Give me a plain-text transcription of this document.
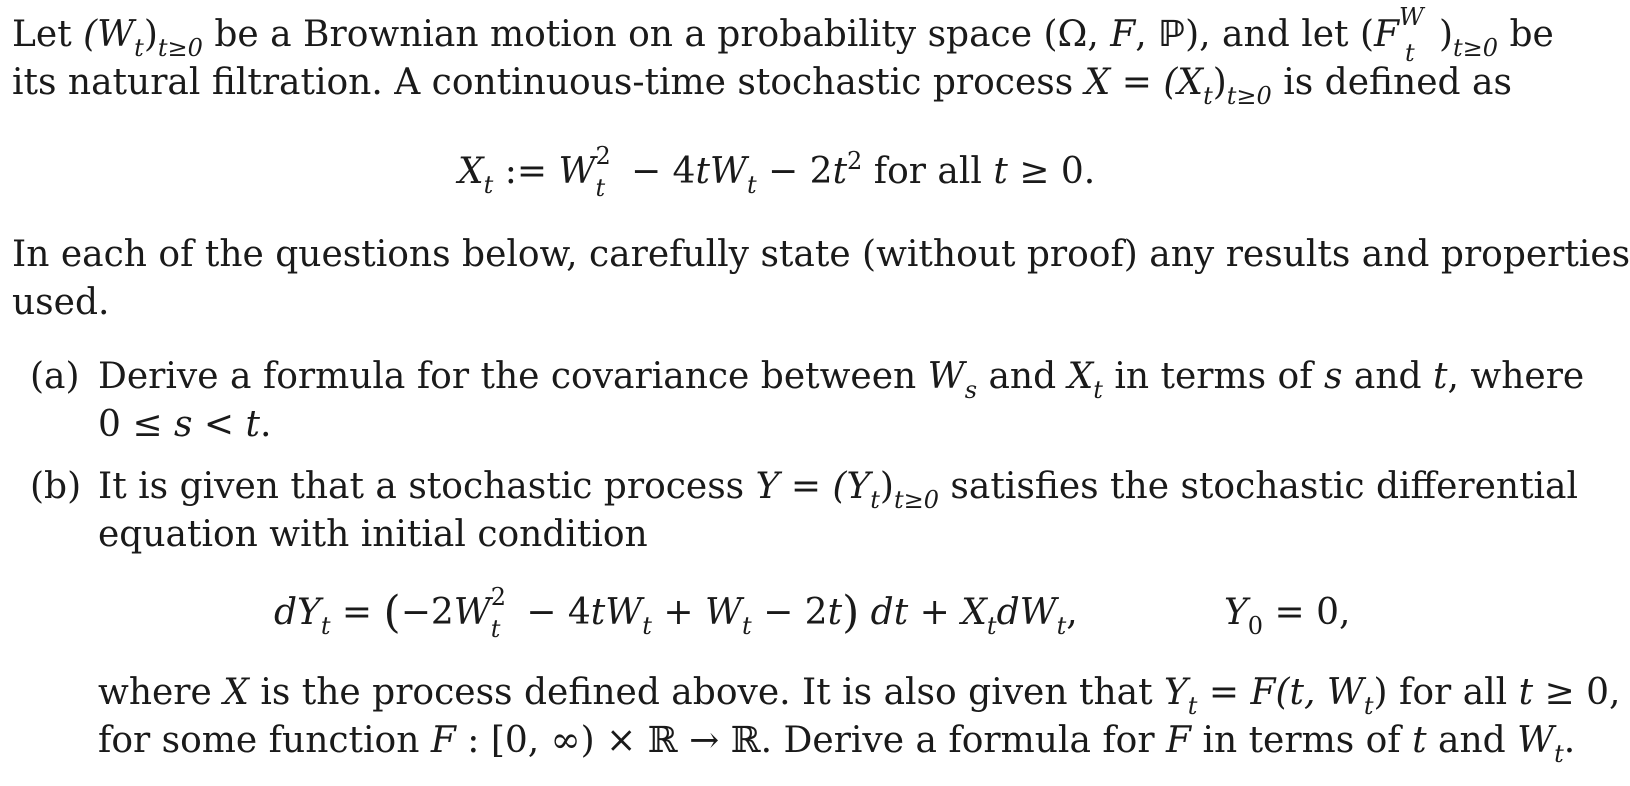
Let $(W_t)_{t\ge 0}$ be a Brownian motion on a probability space (Ω, F, ℙ), and let (F W
t )$_{t\ge 0}$ be
its natural filtration. A continuous-time stochastic process $X = (X_t)_{t\ge 0}$ is defined as
$X_t$ := W 2
$t - 4tW_t - 2t^2$ for all t ≥ 0.
In each of the questions below, carefully state (without proof) any results and properties
used.
(a) Derive a formula for the covariance between $W_s$ and $X_t$ in terms of s and t, where
0 ≤ s < t.
(b) It is given that a stochastic process $Y = (Y_t)_{t\ge 0}$ satisfies the stochastic differential
equation with initial condition
$dY_t = (-2W$ 2
$t - 4tW_t + W_t - 2t$) dt + $X_tdW_t$,	$Y_0 = 0$,
where X is the process defined above. It is also given that $Y_t = F(t$, $W_t$) for all t ≥ 0,
for some function F : [0, ∞) × ℝ → ℝ. Derive a formula for F in terms of t and $W_t$.
